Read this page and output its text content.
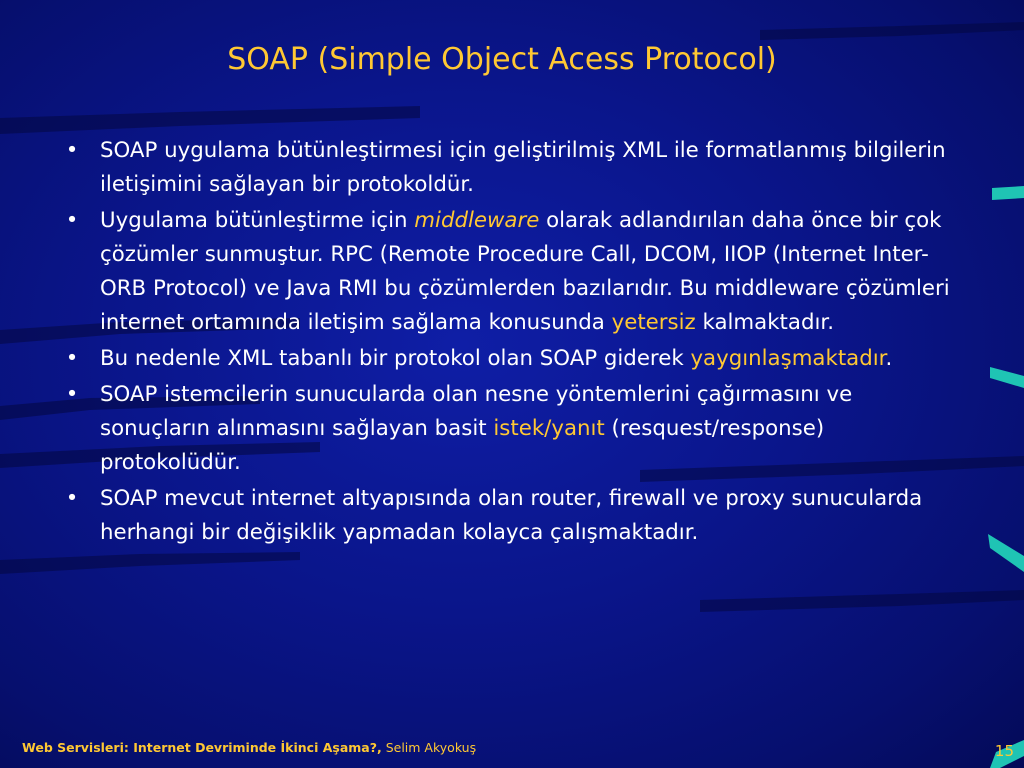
SOAP (Simple Object Acess Protocol)
• SOAP uygulama bütünleştirmesi için geliştirilmiş XML ile formatlanmış bilgilerin iletişimini sağlayan bir protokoldür.
• Uygulama bütünleştirme için middleware olarak adlandırılan daha önce bir çok çözümler sunmuştur. RPC (Remote Procedure Call, DCOM, IIOP (Internet Inter-ORB Protocol) ve Java RMI bu çözümlerden bazılarıdır. Bu middleware çözümleri internet ortamında iletişim sağlama konusunda yetersiz kalmaktadır.
• Bu nedenle XML tabanlı bir protokol olan SOAP giderek yaygınlaşmaktadır.
• SOAP istemcilerin sunucularda olan nesne yöntemlerini çağırmasını ve sonuçların alınmasını sağlayan basit istek/yanıt (resquest/response) protokolüdür.
• SOAP mevcut internet altyapısında olan router, firewall ve proxy sunucularda herhangi bir değişiklik yapmadan kolayca çalışmaktadır.
Web Servisleri: Internet Devriminde İkinci Aşama?, Selim Akyokuş	15
